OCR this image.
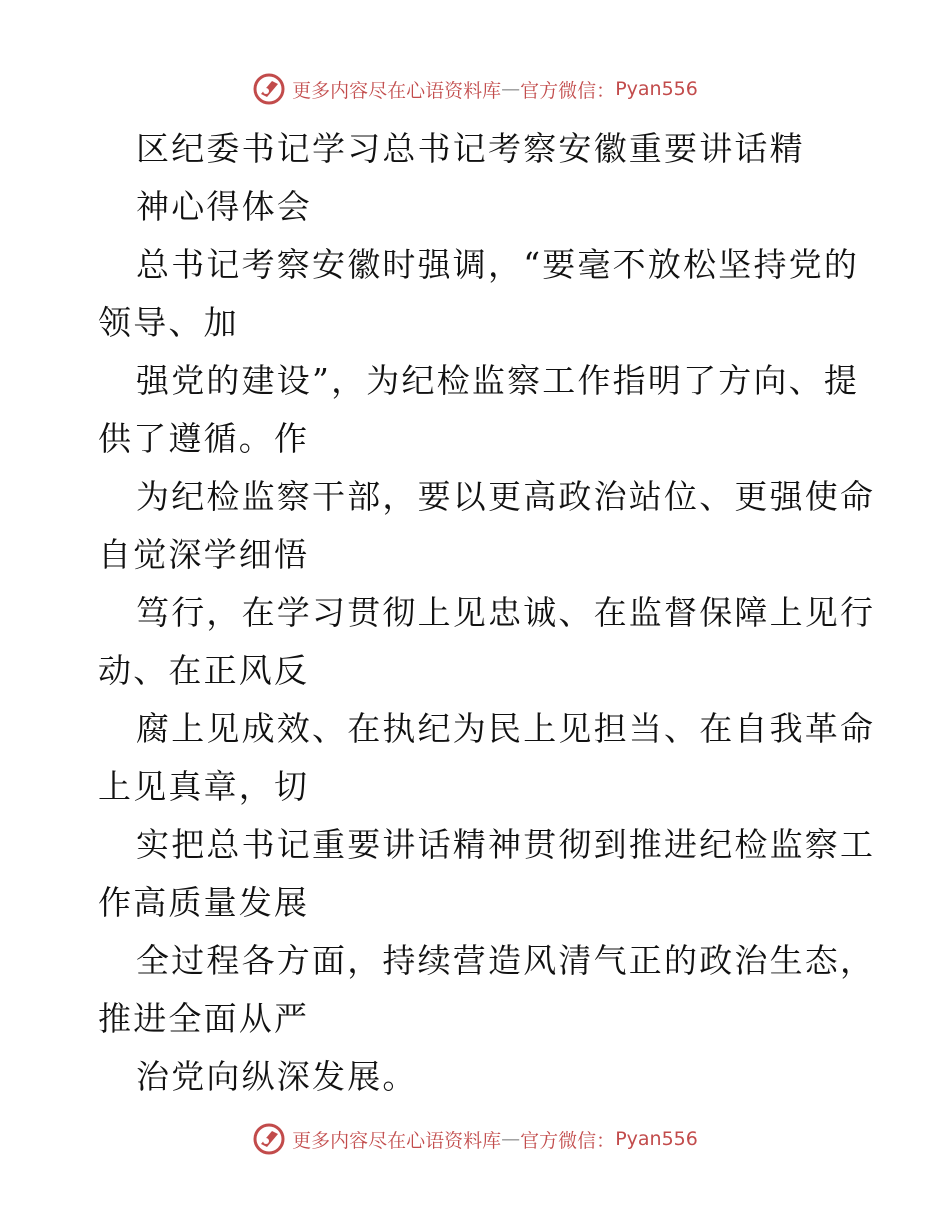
更多内容尽在心语资料库 — 官方微信： Pyan556
区纪委书记学习总书记考察安徽重要讲话精
神心得体会
总书记考察安徽时强调，“要毫不放松坚持党的
领导、加
强党的建设”，为纪检监察工作指明了方向、提
供了遵循。作
为纪检监察干部，要以更高政治站位、更强使命
自觉深学细悟
笃行，在学习贯彻上见忠诚、在监督保障上见行
动、在正风反
腐上见成效、在执纪为民上见担当、在自我革命
上见真章，切
实把总书记重要讲话精神贯彻到推进纪检监察工
作高质量发展
全过程各方面，持续营造风清气正的政治生态，
推进全面从严
治党向纵深发展。
更多内容尽在心语资料库 — 官方微信： Pyan556
